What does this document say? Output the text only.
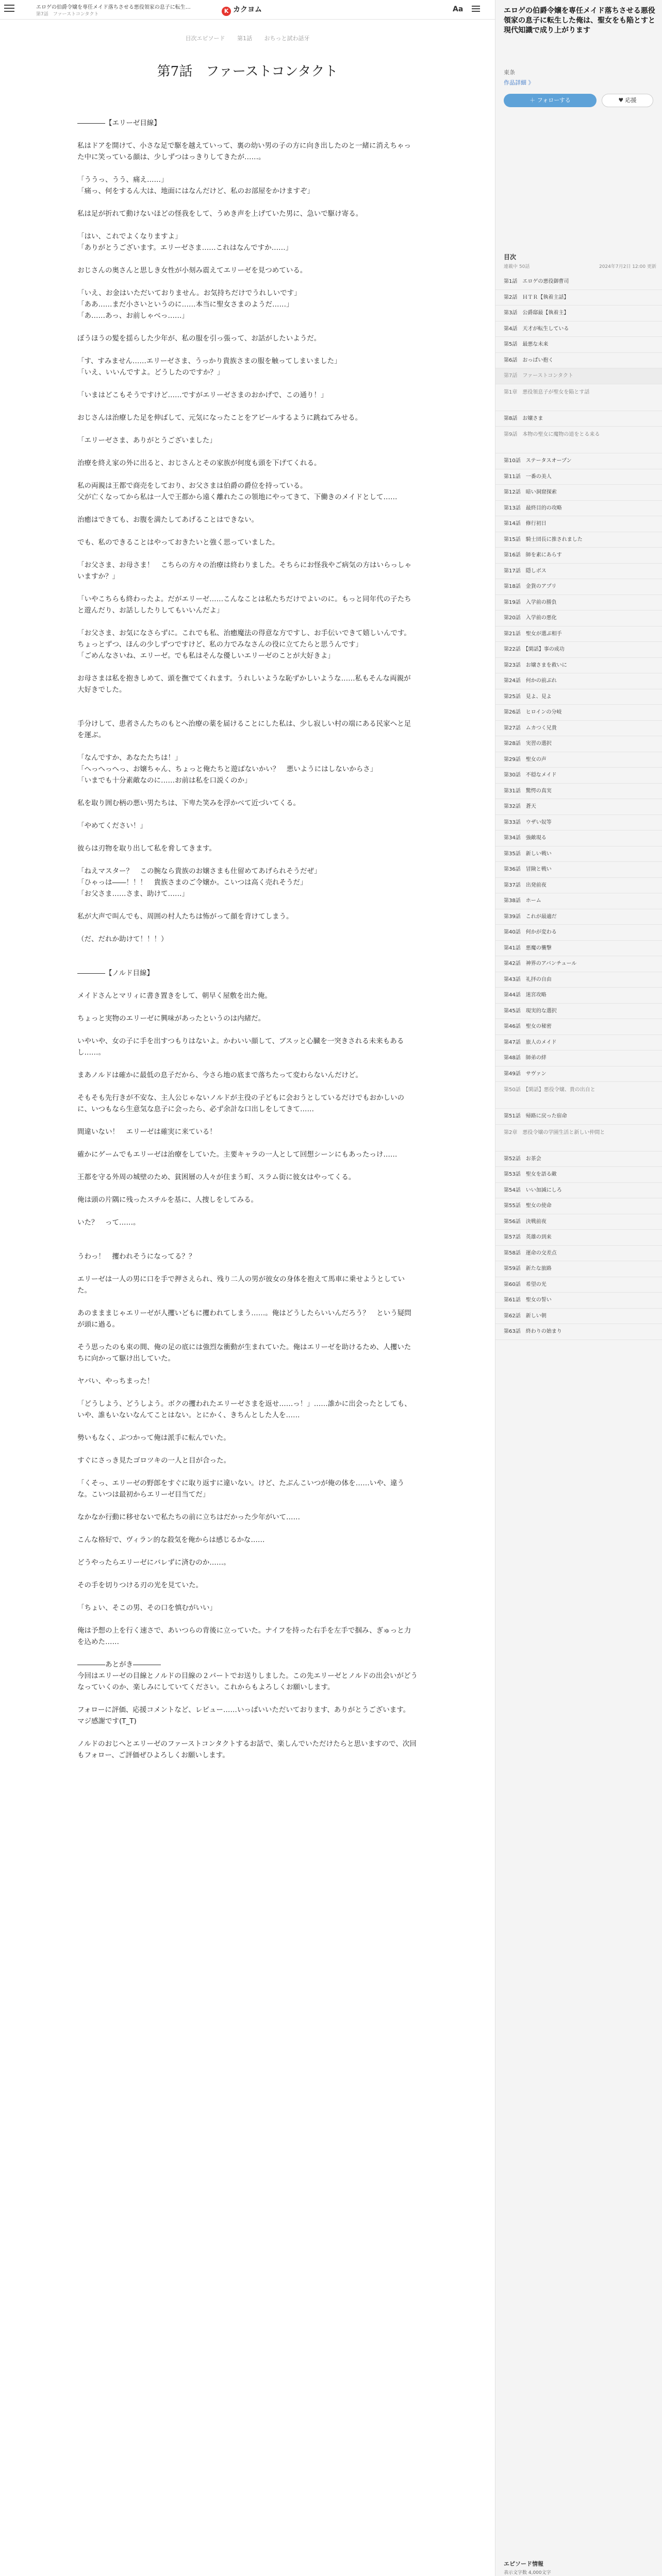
エロゲの伯爵令嬢を専任メイド落ちさせる悪役領家の息子に転生…
第7話　ファーストコンタクト	K カクヨム	Aa
目次エピソード 第1話 おちっと試わ話牙
第7話　ファーストコンタクト

――――【エリーゼ目線】

私はドアを開けて、小さな足で駆を越えていって、裏の幼い男の子の方に向き出したのと一緒に消えちゃった中に笑っている顔は、少しずつはっきりしてきたが……。

「ううっ、うう、痛え……」

「痛っ、何をするん大は、地面にはなんだけど、私のお部屋をかけますぞ」

私は足が折れて動けないほどの怪我をして、うめき声を上げていた男に、急いで駆け寄る。

「はい、これでよくなりますよ」

「ありがとうございます。エリーゼさま……これはなんですか……」

おじさんの奥さんと思しき女性が小刻み震えてエリーゼを見つめている。

「いえ、お金はいただいておりません。お気持ちだけでうれしいです」

「ああ……まだ小さいというのに……本当に聖女さまのようだ……」

「あ……あっ、お前しゃべっ……」

ぼうほうの髪を揺らした少年が、私の服を引っ張って、お話がしたいようだ。

「す、すみません……エリーゼさま、うっかり貴族さまの服を触ってしまいました」

「いえ、いいんですよ。どうしたのですか？」

「いまはどこもそうですけど……ですがエリーゼさまのおかげで、この通り！」

おじさんは治療した足を伸ばして、元気になったことをアピールするように跳ねてみせる。

「エリーゼさま、ありがとうございました」

治療を終え家の外に出ると、おじさんとその家族が何度も頭を下げてくれる。

私の両親は王都で商売をしており、お父さまは伯爵の爵位を持っている。

父が亡くなってから私は一人で王都から遠く離れたこの領地にやってきて、下働きのメイドとして……

治癒はできても、お腹を満たしてあげることはできない。

でも、私のできることはやっておきたいと強く思っていました。

「お父さま、お母さま！　こちらの方々の治療は終わりました。そちらにお怪我やご病気の方はいらっしゃいますか？」

「いやこちらも終わったよ。だがエリーゼ……こんなことは私たちだけでよいのに。もっと同年代の子たちと遊んだり、お話ししたりしてもいいんだよ」

「お父さま、お気になさらずに。これでも私、治癒魔法の得意な方ですし、お手伝いできて嬉しいんです。ちょっとずつ、ほんの少しずつですけど、私の力でみなさんの役に立てたらと思うんです」

「ごめんなさいね、エリーゼ。でも私はそんな優しいエリーゼのことが大好きよ」

お母さまは私を抱きしめて、頭を撫でてくれます。うれしいような恥ずかしいような……私もそんな両親が大好きでした。

手分けして、患者さんたちのもとへ治療の薬を届けることにした私は、少し寂しい村の端にある民家へと足を運ぶ。

「なんですか、あなたたちは！」

「へっへっへっ、お嬢ちゃん、ちょっと俺たちと遊ばないかい？　悪いようにはしないからさ」

「いまでも十分素敵なのに……お前は私を口説くのか」

私を取り囲む柄の悪い男たちは、下卑た笑みを浮かべて近づいてくる。

「やめてください！」

彼らは刃物を取り出して私を脅してきます。

「ねえマスター？　この腕なら貴族のお嬢さまも仕留めてあげられそうだぜ」

「ひゃっは――！！！　貴族さまのご令嬢か。こいつは高く売れそうだ」

「お父さま……さま、助けて……」

私が大声で叫んでも、周囲の村人たちは怖がって顔を背けてしまう。

（だ、だれか助けて！！！）

――――【ノルド目線】

メイドさんとマリィに書き置きをして、朝早く屋敷を出た俺。

ちょっと実物のエリーゼに興味があったというのは内緒だ。

いやいや、女の子に手を出すつもりはないよ。かわいい顔して、ブスッと心臓を一突きされる未来もあるし……。

まあノルドは確かに最低の息子だから、今さら地の底まで落ちたって変わらないんだけど。

そもそも先行きが不安な、主人公じゃないノルドが主役の子どもに会おうとしているだけでもおかしいのに、いつもなら生意気な息子に会ったら、必ず余計な口出しをしてきて……

間違いない！　エリーゼは確実に来ている！

確かにゲームでもエリーゼは治療をしていた。主要キャラの一人として回想シーンにもあったっけ……

王都を守る外周の城壁のため、貧困層の人々が住まう町、スラム街に彼女はやってくる。

俺は頭の片隅に残ったスチルを基に、人捜しをしてみる。

いた？　って……。

うわっ！　攫われそうになってる？？

エリーゼは一人の男に口を手で押さえられ、残り二人の男が彼女の身体を抱えて馬車に乗せようとしていた。

あのまままじゃエリーゼが人攫いどもに攫われてしまう……。俺はどうしたらいいんだろう？　という疑問が頭に過る。

そう思ったのも束の間、俺の足の底には強烈な衝動が生まれていた。俺はエリーゼを助けるため、人攫いたちに向かって駆け出していた。

ヤバい、やっちまった！

「どうしよう、どうしよう。ボクの攫われたエリーゼさまを返せ……っ！」……誰かに出会ったとしても、いや、誰もいないなんてことはない。とにかく、きちんとした人を……

勢いもなく、ぶつかって俺は派手に転んでいた。

すぐにさっき見たゴロツキの一人と目が合った。

「くそっ、エリーゼの野郎をすぐに取り返すに違いない。けど、たぶんこいつが俺の体を……いや、違うな。こいつは最初からエリーゼ目当てだ」

なかなか行動に移せないで私たちの前に立ちはだかった少年がいて……

こんな格好で、ヴィラン的な殺気を俺からは感じるかな……

どうやったらエリーゼにバレずに済むのか……。

その手を切りつける刃の光を見ていた。

「ちょい、そこの男、その口を慎むがいい」

俺は予想の上を行く速さで、あいつらの背後に立っていた。ナイフを持った右手を左手で掴み、ぎゅっと力を込めた……

――――あとがき――――

今回はエリーゼの目線とノルドの目線の２パートでお送りしました。この先エリーゼとノルドの出会いがどうなっていくのか、楽しみにしていてください。これからもよろしくお願いします。

フォローに評価、応援コメントなど、レビュー……いっぱいいただいております、ありがとうございます。

マジ感謝です(T_T)

ノルドのおじへとエリーゼのファーストコンタクトするお話で、楽しんでいただけたらと思いますので、次回もフォロー、ご評価ぜひよろしくお願いします。

エロゲの伯爵令嬢を専任メイド落ちさせる悪役領家の息子に転生した俺は、聖女をも陥とすと現代知識で成り上がります
東条
作品詳細 》
＋ フォローする	♥ 応援
目次
連載中 50話	2024年7月2日 12:00 更新
第1話　エロゲの悪役御曹司
第2話　ＨＴＲ【執着主話】
第3話　公爵邸最【執着主】
第4話　天才が転生している
第5話　最悪な未来
第6話　おっぱい抱く
第7話　ファーストコンタクト
第1章　悪役領息子が聖女を陥とす話
第8話　お嬢さま
第9話　本物の聖女に魔物の道をとる来る
第10話　ステータスオープン
第11話　一番の美人
第12話　暗い洞窟探索
第13話　最終目的の攻略
第14話　修行初日
第15話　騎士団長に推されました
第16話　師を素にあらす
第17話　隠しボス
第18話　金貨のアプリ
第19話　入学前の勝負
第20話　入学前の悪化
第21話　聖女が選ぶ相手
第22話　【閑話】事の成功
第23話　お嬢さまを救いに
第24話　何かの前ぶれ
第25話　見よ、見よ
第26話　ヒロインの分岐
第27話　ムカつく兄貴
第28話　実習の選択
第29話　聖女の声
第30話　不穏なメイド
第31話　驚愕の真実
第32話　蒼天
第33話　ウザい奴等
第34話　強敵現る
第35話　新しい戦い
第36話　冒険と戦い
第37話　出発前夜
第38話　ホーム
第39話　これが最適だ
第40話　何かが変わる
第41話　悪魔の襲撃
第42話　神界のアバンチュール
第43話　礼拝の自由
第44話　迷宮攻略
第45話　現実的な選択
第46話　聖女の秘密
第47話　旅人のメイド
第48話　師弟の絆
第49話　サヴァン
第50話　【閑話】悪役令嬢、貴の出自と
第51話　帰路に戻った宿命
第2章　悪役令嬢の学園生活と新しい仲間と
第52話　お茶会
第53話　聖女を語る敵
第54話　いい加減にしろ
第55話　聖女の使命
第56話　決戦前夜
第57話　英雄の到来
第58話　運命の交差点
第59話　新たな旅路
第60話　希望の光
第61話　聖女の誓い
第62話　新しい朝
第63話　終わりの始まり
エピソード情報
表示文字数 4,000文字
